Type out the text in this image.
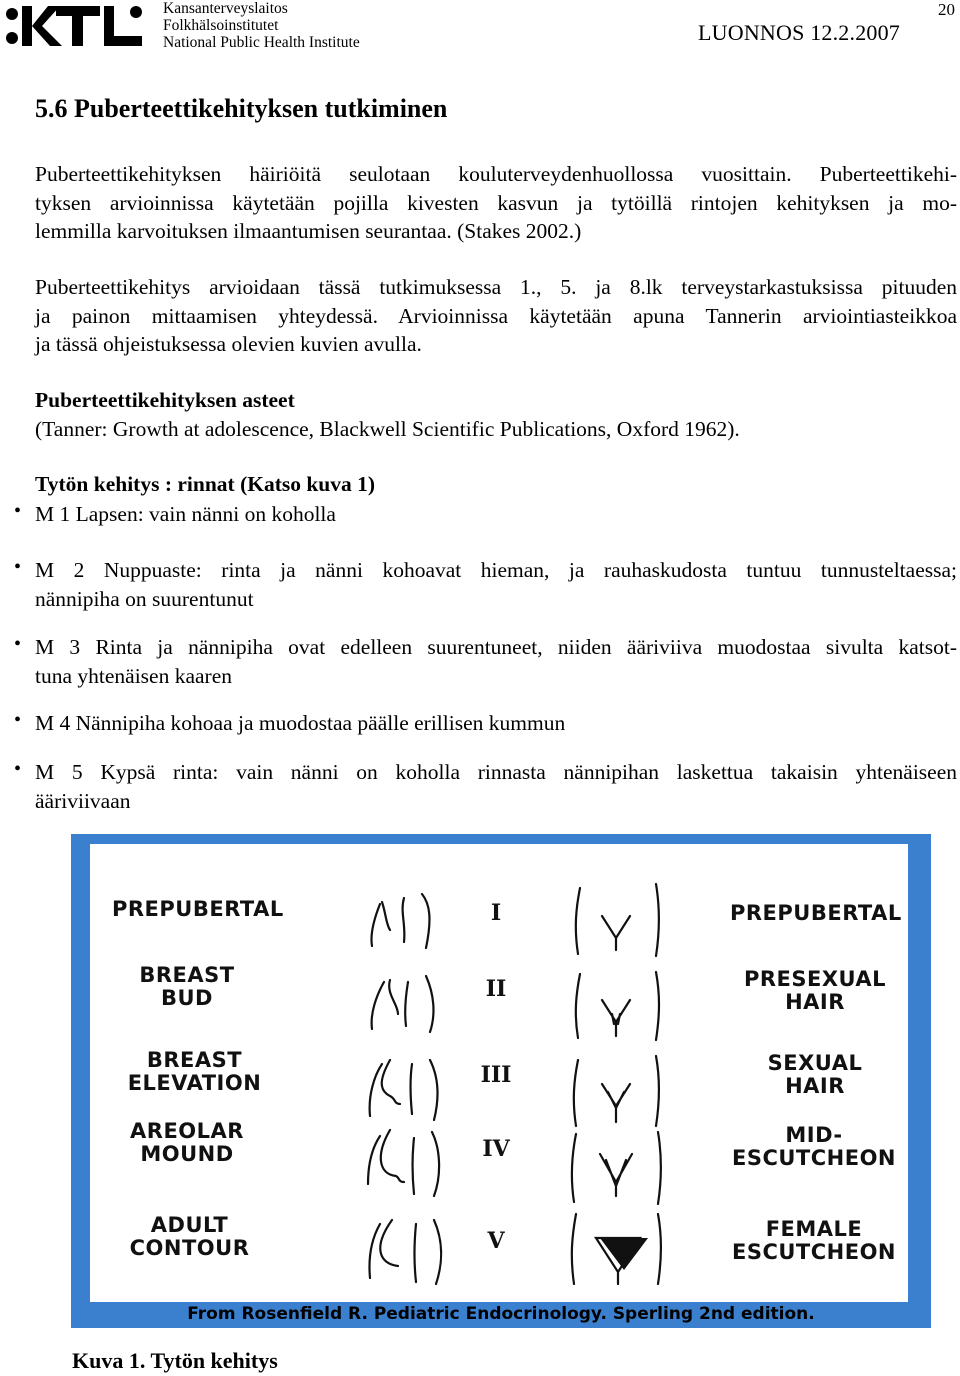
Kansanterveyslaitos
Folkhälsoinstitutet
National Public Health Institute	LUONNOS 12.2.2007
20
5.6 Puberteettikehityksen tutkiminen
Puberteettikehityksen häiriöitä seulotaan kouluterveydenhuollossa vuosittain. Puberteettikehi-
tyksen arvioinnissa käytetään pojilla kivesten kasvun ja tytöillä rintojen kehityksen ja mo-
lemmilla karvoituksen ilmaantumisen seurantaa. (Stakes 2002.)
Puberteettikehitys arvioidaan tässä tutkimuksessa 1., 5. ja 8.lk terveystarkastuksissa pituuden
ja painon mittaamisen yhteydessä. Arvioinnissa käytetään apuna Tannerin arviointiasteikkoa
ja tässä ohjeistuksessa olevien kuvien avulla.
Puberteettikehityksen asteet
(Tanner: Growth at adolescence, Blackwell Scientific Publications, Oxford 1962).
Tytön kehitys : rinnat (Katso kuva 1)
• M 1 Lapsen: vain nänni on koholla
• M 2 Nuppuaste: rinta ja nänni kohoavat hieman, ja rauhaskudosta tuntuu tunnusteltaessa;
nännipiha on suurentunut
• M 3 Rinta ja nännipiha ovat edelleen suurentuneet, niiden ääriviiva muodostaa sivulta katsot-
tuna yhtenäisen kaaren
• M 4 Nännipiha kohoaa ja muodostaa päälle erillisen kummun
• M 5 Kypsä rinta: vain nänni on koholla rinnasta nännipihan laskettua takaisin yhtenäiseen
ääriviivaan
PREPUBERTAL
BREAST
BUD
BREAST
ELEVATION
AREOLAR
MOUND
ADULT
CONTOUR
I
II
III
IV
V
PREPUBERTAL
PRESEXUAL
HAIR
SEXUAL
HAIR
MID-
ESCUTCHEON
FEMALE
ESCUTCHEON
From Rosenfield R. Pediatric Endocrinology. Sperling 2nd edition.
Kuva 1. Tytön kehitys
